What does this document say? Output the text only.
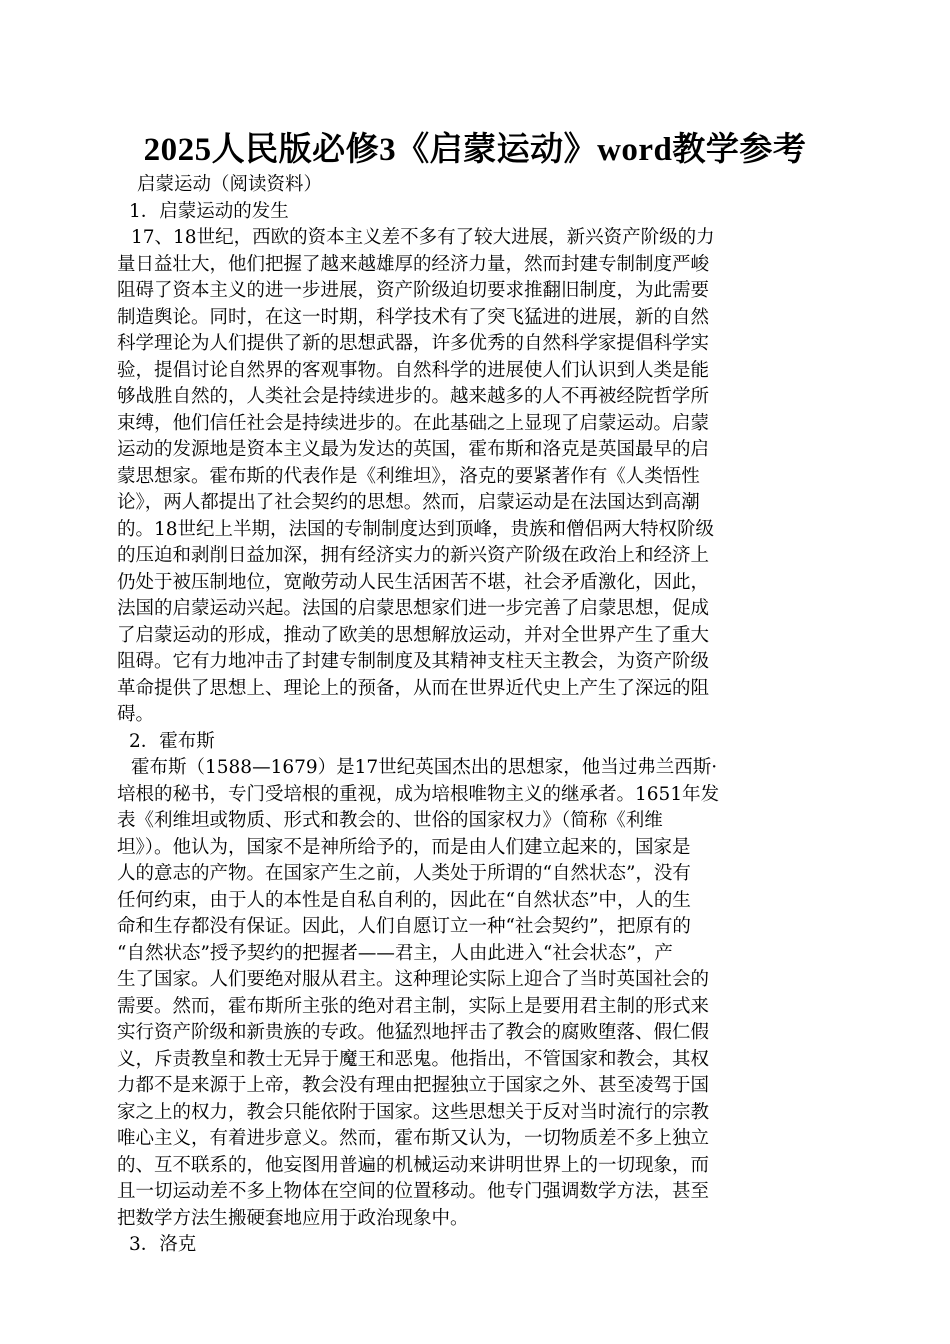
2025人民版必修3《启蒙运动》word教学参考
启蒙运动（阅读资料）
1．启蒙运动的发生
17、18世纪，西欧的资本主义差不多有了较大进展，新兴资产阶级的力
量日益壮大，他们把握了越来越雄厚的经济力量，然而封建专制制度严峻
阻碍了资本主义的进一步进展，资产阶级迫切要求推翻旧制度，为此需要
制造舆论。同时，在这一时期，科学技术有了突飞猛进的进展，新的自然
科学理论为人们提供了新的思想武器，许多优秀的自然科学家提倡科学实
验，提倡讨论自然界的客观事物。自然科学的进展使人们认识到人类是能
够战胜自然的，人类社会是持续进步的。越来越多的人不再被经院哲学所
束缚，他们信任社会是持续进步的。在此基础之上显现了启蒙运动。启蒙
运动的发源地是资本主义最为发达的英国，霍布斯和洛克是英国最早的启
蒙思想家。霍布斯的代表作是《利维坦》，洛克的要紧著作有《人类悟性
论》，两人都提出了社会契约的思想。然而，启蒙运动是在法国达到高潮
的。18世纪上半期，法国的专制制度达到顶峰，贵族和僧侣两大特权阶级
的压迫和剥削日益加深，拥有经济实力的新兴资产阶级在政治上和经济上
仍处于被压制地位，宽敞劳动人民生活困苦不堪，社会矛盾激化，因此，
法国的启蒙运动兴起。法国的启蒙思想家们进一步完善了启蒙思想，促成
了启蒙运动的形成，推动了欧美的思想解放运动，并对全世界产生了重大
阻碍。它有力地冲击了封建专制制度及其精神支柱天主教会，为资产阶级
革命提供了思想上、理论上的预备，从而在世界近代史上产生了深远的阻
碍。
2．霍布斯
霍布斯（1588—1679）是17世纪英国杰出的思想家，他当过弗兰西斯·
培根的秘书，专门受培根的重视，成为培根唯物主义的继承者。1651年发
表《利维坦或物质、形式和教会的、世俗的国家权力》（简称《利维
坦》）。他认为，国家不是神所给予的，而是由人们建立起来的，国家是
人的意志的产物。在国家产生之前，人类处于所谓的“自然状态”，没有
任何约束，由于人的本性是自私自利的，因此在“自然状态”中，人的生
命和生存都没有保证。因此，人们自愿订立一种“社会契约”，把原有的
“自然状态”授予契约的把握者——君主，人由此进入“社会状态”，产
生了国家。人们要绝对服从君主。这种理论实际上迎合了当时英国社会的
需要。然而，霍布斯所主张的绝对君主制，实际上是要用君主制的形式来
实行资产阶级和新贵族的专政。他猛烈地抨击了教会的腐败堕落、假仁假
义，斥责教皇和教士无异于魔王和恶鬼。他指出，不管国家和教会，其权
力都不是来源于上帝，教会没有理由把握独立于国家之外、甚至凌驾于国
家之上的权力，教会只能依附于国家。这些思想关于反对当时流行的宗教
唯心主义，有着进步意义。然而，霍布斯又认为，一切物质差不多上独立
的、互不联系的，他妄图用普遍的机械运动来讲明世界上的一切现象，而
且一切运动差不多上物体在空间的位置移动。他专门强调数学方法，甚至
把数学方法生搬硬套地应用于政治现象中。
3．洛克
